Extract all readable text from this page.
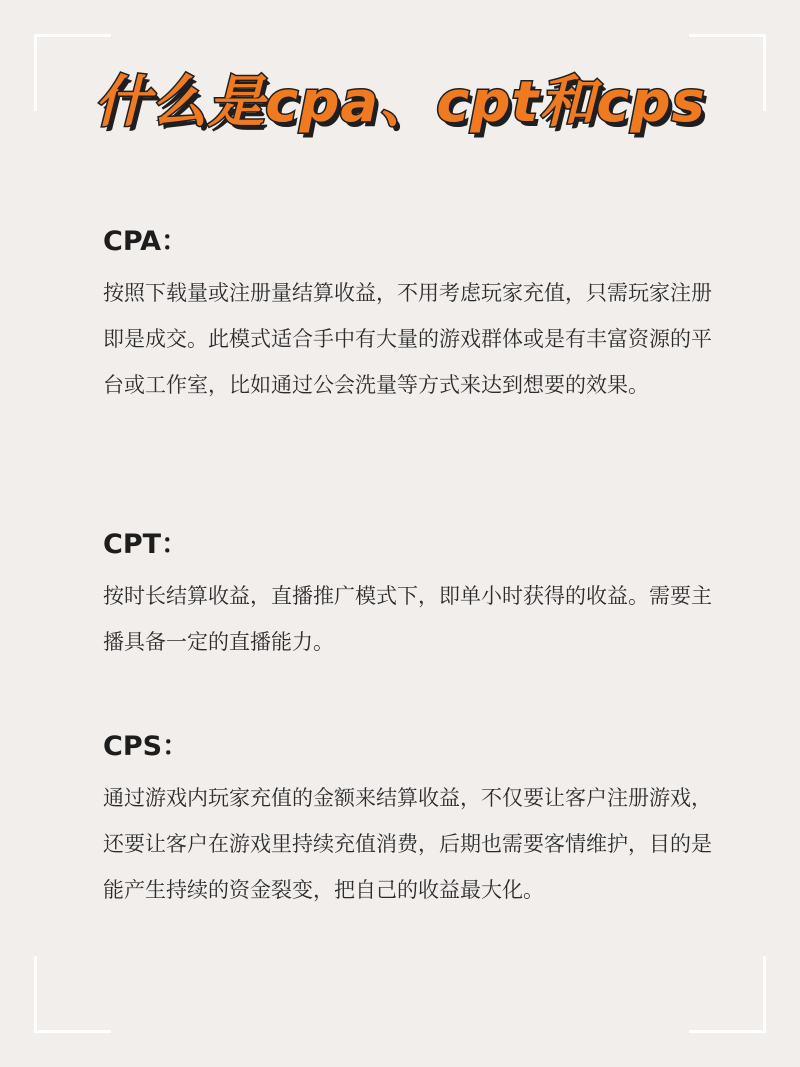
什么是cpa、cpt和cps

CPA：

按照下载量或注册量结算收益，不用考虑玩家充值，只需玩家注册即是成交。此模式适合手中有大量的游戏群体或是有丰富资源的平台或工作室，比如通过公会洗量等方式来达到想要的效果。

CPT：

按时长结算收益，直播推广模式下，即单小时获得的收益。需要主播具备一定的直播能力。

CPS：

通过游戏内玩家充值的金额来结算收益，不仅要让客户注册游戏，还要让客户在游戏里持续充值消费，后期也需要客情维护，目的是能产生持续的资金裂变，把自己的收益最大化。
